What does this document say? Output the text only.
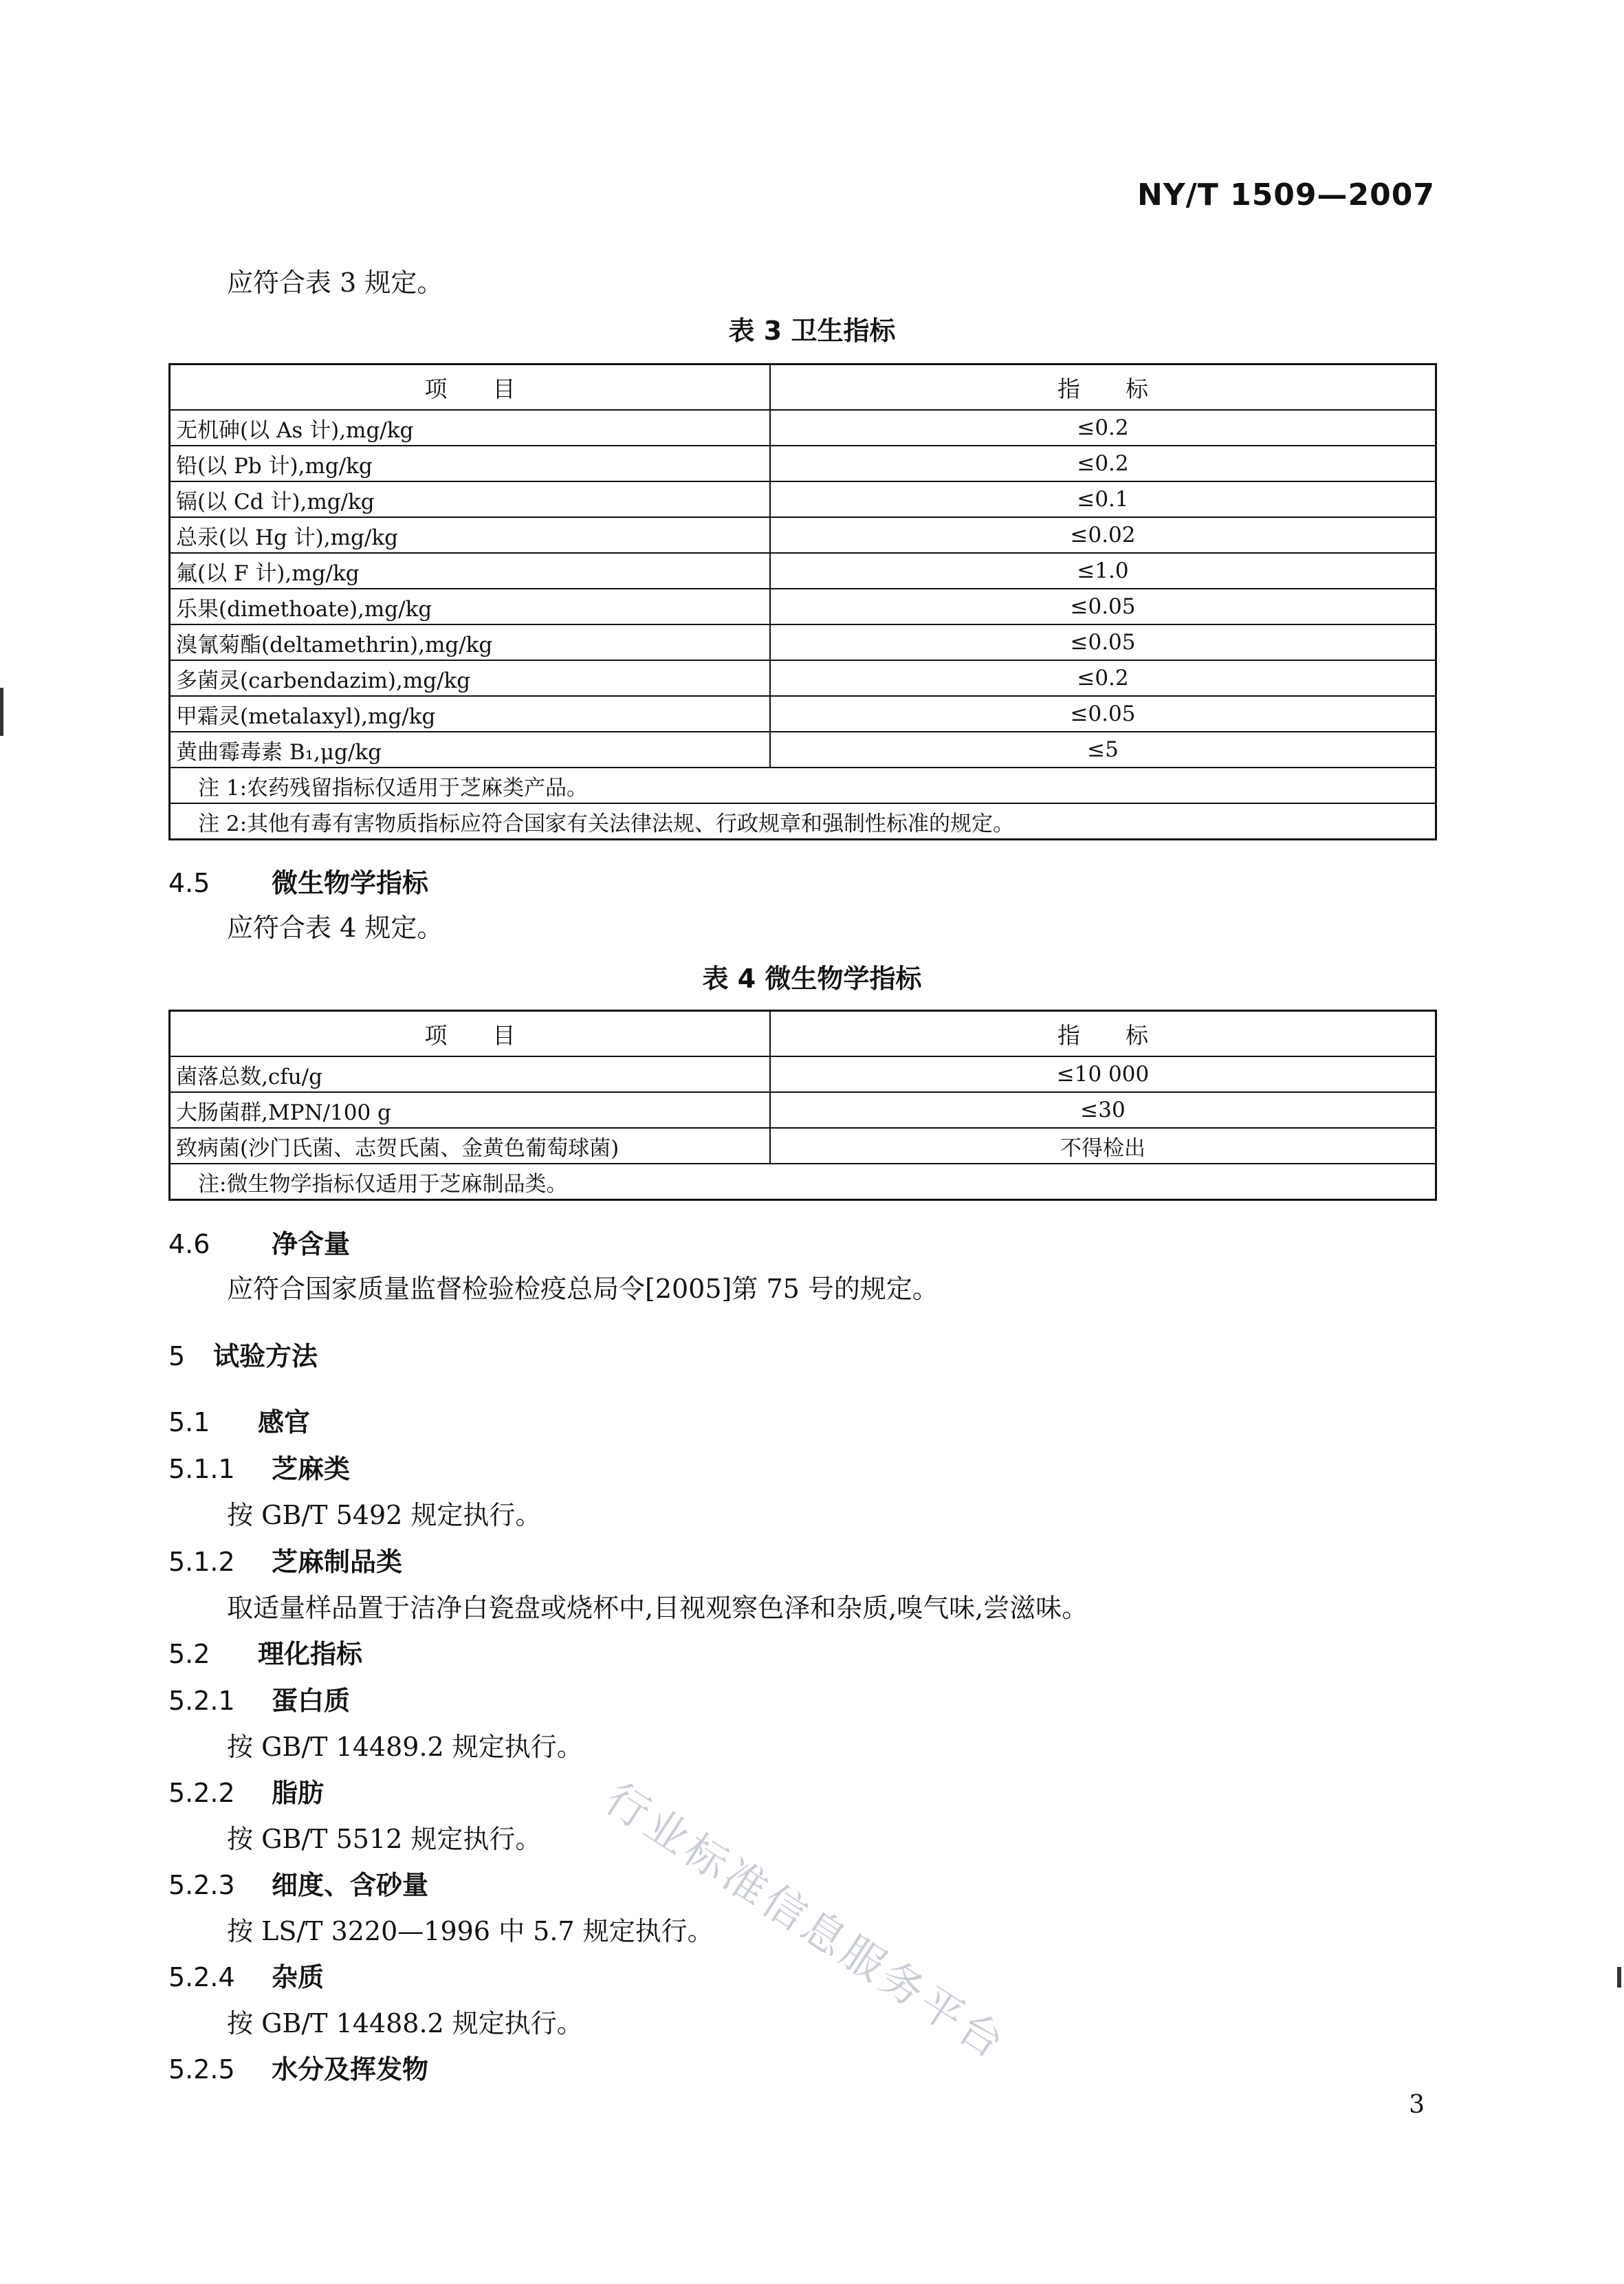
NY/T 1509—2007
应符合表 3 规定。
表 3 卫生指标
项　　目	指　　标
无机砷(以 As 计),mg/kg	≤0.2
铅(以 Pb 计),mg/kg	≤0.2
镉(以 Cd 计),mg/kg	≤0.1
总汞(以 Hg 计),mg/kg	≤0.02
氟(以 F 计),mg/kg	≤1.0
乐果(dimethoate),mg/kg	≤0.05
溴氰菊酯(deltamethrin),mg/kg	≤0.05
多菌灵(carbendazim),mg/kg	≤0.2
甲霜灵(metalaxyl),mg/kg	≤0.05
黄曲霉毒素 B₁,μg/kg	≤5
注 1:农药残留指标仅适用于芝麻类产品。	
注 2:其他有毒有害物质指标应符合国家有关法律法规、行政规章和强制性标准的规定。	
4.5 微生物学指标
应符合表 4 规定。
表 4 微生物学指标
项　　目	指　　标
菌落总数,cfu/g	≤10 000
大肠菌群,MPN/100 g	≤30
致病菌(沙门氏菌、志贺氏菌、金黄色葡萄球菌)	不得检出
注:微生物学指标仅适用于芝麻制品类。	
4.6 净含量
应符合国家质量监督检验检疫总局令[2005]第 75 号的规定。
5 试验方法
5.1 感官
5.1.1 芝麻类
按 GB/T 5492 规定执行。
5.1.2 芝麻制品类
取适量样品置于洁净白瓷盘或烧杯中,目视观察色泽和杂质,嗅气味,尝滋味。
5.2 理化指标
5.2.1 蛋白质
按 GB/T 14489.2 规定执行。
5.2.2 脂肪
按 GB/T 5512 规定执行。
5.2.3 细度、含砂量
按 LS/T 3220—1996 中 5.7 规定执行。
5.2.4 杂质
按 GB/T 14488.2 规定执行。
5.2.5 水分及挥发物	行业标准信息服务平台
3
